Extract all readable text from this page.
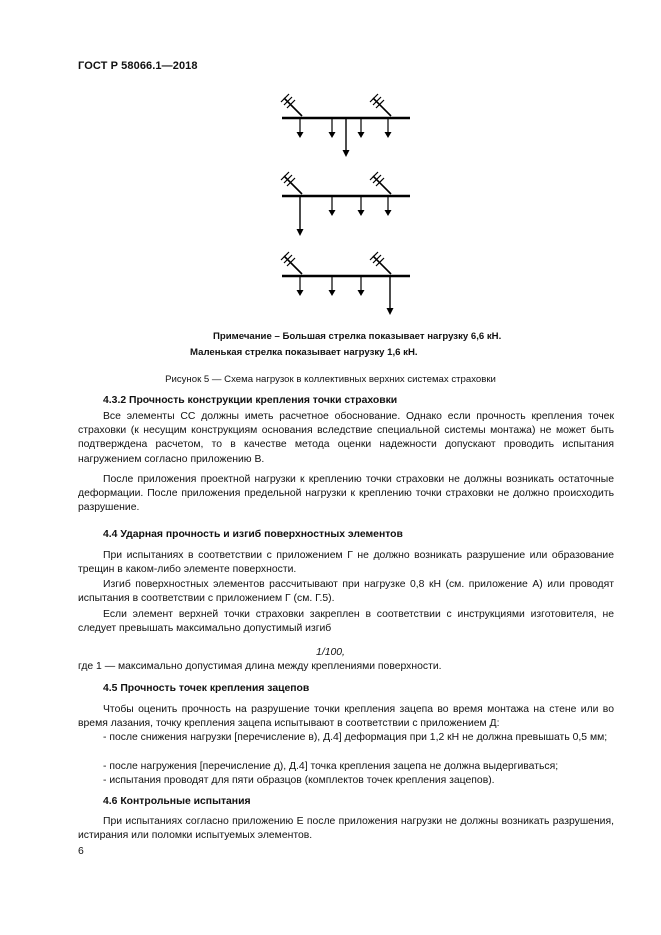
ГОСТ Р 58066.1—2018
Примечание – Большая стрелка показывает нагрузку 6,6 кН.
Маленькая стрелка показывает нагрузку 1,6 кН.
Рисунок 5 — Схема нагрузок в коллективных верхних системах страховки
4.3.2 Прочность конструкции крепления точки страховки

Все элементы СС должны иметь расчетное обоснование. Однако если прочность крепления точек страховки (к несущим конструкциям основания вследствие специальной системы монтажа) не может быть подтверждена расчетом, то в качестве метода оценки надежности допускают проводить испытания нагружением согласно приложению В.

После приложения проектной нагрузки к креплению точки страховки не должны возникать остаточные деформации. После приложения предельной нагрузки к креплению точки страховки не должно происходить разрушение.

4.4 Ударная прочность и изгиб поверхностных элементов

При испытаниях в соответствии с приложением Г не должно возникать разрушение или образование трещин в каком-либо элементе поверхности.

Изгиб поверхностных элементов рассчитывают при нагрузке 0,8 кН (см. приложение А) или проводят испытания в соответствии с приложением Г (см. Г.5).

Если элемент верхней точки страховки закреплен в соответствии с инструкциями изготовителя, не следует превышать максимально допустимый изгиб

1/100,

где 1 — максимально допустимая длина между креплениями поверхности.

4.5 Прочность точек крепления зацепов

Чтобы оценить прочность на разрушение точки крепления зацепа во время монтажа на стене или во время лазания, точку крепления зацепа испытывают в соответствии с приложением Д:

- после снижения нагрузки [перечисление в), Д.4] деформация при 1,2 кН не должна превышать 0,5 мм;

- после нагружения [перечисление д), Д.4] точка крепления зацепа не должна выдергиваться;

- испытания проводят для пяти образцов (комплектов точек крепления зацепов).

4.6 Контрольные испытания

При испытаниях согласно приложению Е после приложения нагрузки не должны возникать разрушения, истирания или поломки испытуемых элементов.

6
